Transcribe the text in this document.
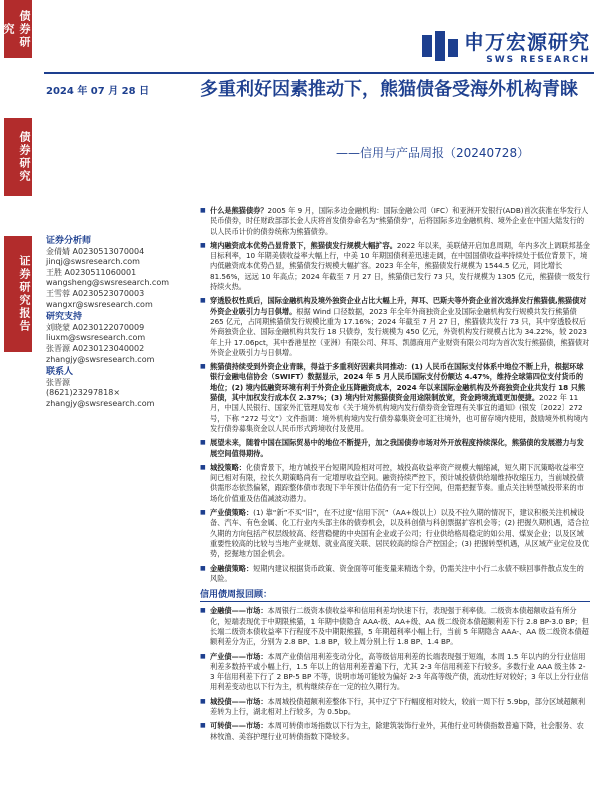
债券研究
债券研究
证券研究报告
申万宏源研究
SWS RESEARCH
2024 年 07 月 28 日	多重利好因素推动下，熊猫债备受海外机构青睐
——信用与产品周报（20240728）
证券分析师
金倩婧 A0230513070004
jinqj@swsresearch.com
王胜 A0230511060001
wangsheng@swsresearch.com
王雪蓉 A0230523070003
wangxr@swsresearch.com
研究支持
刘晓蒙 A0230122070009
liuxm@swsresearch.com
张晋源 A0230123040002
zhangjy@swsresearch.com
联系人
张晋源
(8621)23297818×
zhangjy@swsresearch.com
■ 什么是熊猫债券？2005 年 9 月，国际多边金融机构：国际金融公司（IFC）和亚洲开发银行(ADB)首次获准在华发行人民币债券，时任财政部部长金人庆将首发债券命名为“熊猫债券”，后将国际多边金融机构、境外企业在中国大陆发行的以人民币计价的债券统称为熊猫债券。
■ 境内融资成本优势凸显背景下，熊猫债发行规模大幅扩容。2022 年以来，美联储开启加息周期，年内多次上调联邦基金目标利率，10 年期美债收益率大幅上行，中美 10 年期国债利差迅速走阔，在中国国债收益率持续处于低位背景下，境内低融资成本优势凸显，熊猫债发行规模大幅扩容。2023 年全年，熊猫债发行规模为 1544.5 亿元，同比增长 81.56%，远远 10 年高点；2024 年截至 7 月 27 日，熊猫债已发行 73 只，发行规模为 1305 亿元，熊猫债一级发行持续火热。
■ 穿透股权性质后，国际金融机构及境外独资企业占比大幅上升，拜耳、巴斯夫等外资企业首次选择发行熊猫债,熊猫债对外资企业吸引力与日俱增。根据 Wind 口径数据，2023 年全年外商独资企业及国际金融机构发行规模共发行熊猫债 265 亿元，占同期熊猫债发行规模比重为 17.16%；2024 年截至 7 月 27 日，熊猫债共发行 73 只，其中穿透股权后外商独资企业、国际金融机构共发行 18 只债券，发行规模为 450 亿元，外资机构发行规模占比为 34.22%，较 2023 年上升 17.06pct，其中香港星控（亚洲）有限公司、拜耳、凯德商用产业财资有限公司均为首次发行熊猫债，熊猫债对外资企业吸引力与日俱增。
■ 熊猫债持续受到外资企业青睐，得益于多重利好因素共同推动：(1) 人民币在国际支付体系中地位不断上升，根据环球银行金融电信协会（SWIFT）数据显示，2024 年 5 月人民币国际支付份额达 4.47%，维持全球第四位支付货币的地位；(2) 境内低融资环境有利于外资企业压降融资成本，2024 年以来国际金融机构及外商独资企业共发行 18 只熊猫债，其中加权发行成本仅 2.37%；(3) 境内针对熊猫债资金用途限制放宽，资金跨境流通更加便捷。2022 年 11 月，中国人民银行、国家外汇管理局发布《关于境外机构境内发行债券资金管理有关事宜的通知》(银发〔2022〕272 号，下称 “272 号文”）文件指调：境外机构境内发行债券募集资金可汇往境外，也可留存境内使用，鼓励境外机构境内发行债券募集资金以人民币形式跨境收付及使用。
■ 展望未来，随着中国在国际贸易中的地位不断提升，加之我国债券市场对外开放程度持续深化，熊猫债的发展潜力与发展空间值得期待。
■ 城投策略：化债背景下，地方城投平台短期风险相对可控，城投高收益率资产规模大幅缩减，短久期下沉策略收益率空间已相对有限，拉长久期策略尚有一定增厚收益空间。融资持续严控下，预计城投债供给端维持收缩压力，当前城投债供需形态依然偏紧，跟踪整体债市表现下半年预计估值仍有一定下行空间，但需把握节奏。重点关注转型城投带来的市场化价值重及估值减波动潜力。
■ 产业债策略：(1) 靠“新”不买“旧”，在不过度“信用下沉”（AA+级以上）以及不拉久期的情况下，建议积极关注机械设备、汽车、有色金属、化工行业内头部主体的债券机会，以及科创债与科创票据扩容机会等；(2) 把握久期机遇，适合拉久期的方向包括产权层级较高、经营稳健的中央国有企业或子公司；行业供给格局稳定的如公用、煤炭企业；以及区域重要性较高的比较与当地产业规划、就业高度关联、居民较高的综合产控国企；(3) 把握转型机遇，从区域产业定位及优势，挖掘地方国企机会。
■ 金融债策略：短期内建议根据货币政策、资金面等可能变量来精选个券，仍需关注中小行二永债不赎回事件散点发生的风险。
信用债周报回顾：
■ 金融债——市场：本周银行二级资本债收益率和信用利差均快速下行，表现强于利率债。二级资本债超额收益有所分化，短端表现优于中期限熊猫，1 年期中债隐含 AAA-级、AA+级、AA 级二级资本债超额利差下行 2.8 BP-3.0 BP；但长端二级资本债收益率下行程度不及中期限熊猫，5 年期超利率小幅上行，当前 5 年期隐含 AAA-、AA 级二级资本债超额利差分为正，分别为 2.8 BP、1.8 BP，较上周分别上行 1.8 BP、1.4 BP。
■ 产业债——市场：本周产业债信用利差变动分化，高等级信用利差的长端表现强于短端，本周 1.5 年以内的分行业信用利差多数持平或小幅上行，1.5 年以上的信用利差普遍下行，尤其 2-3 年信用利差下行较多。多数行业 AAA 级主体 2-3 年信用利差下行了 2 BP-5 BP 不等，说明市场可能较为偏好 2-3 年高等级产债，流动性好对较好；3 年以上分行业信用利差变动也以下行为主，机构继续存在一定的拉久期行为。
■ 城投债——市场：本周城投债超额利差整体下行，其中辽宁下行幅度相对较大，较前一周下行 5.9bp，部分区域超额利差转为上行，湖北相对上行较多，为 0.5bp。
■ 可转债——市场：本周可转债市场指数以下行为主，除建筑装饰行业外，其他行业可转债指数普遍下降，社会服务、农林牧渔、美容护理行业可转债指数下降较多。
